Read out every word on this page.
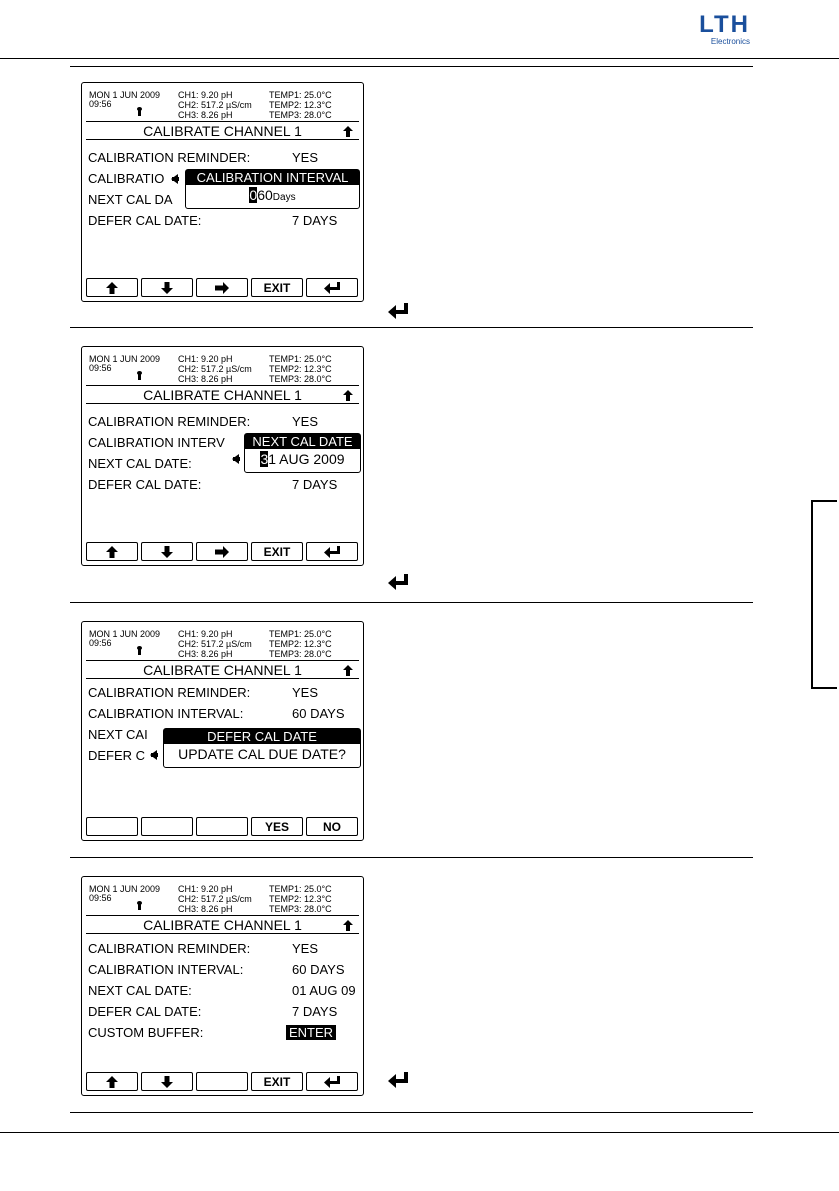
LTH
Electronics
MON 1 JUN 2009
09:56
CH1: 9.20 pH
CH2: 517.2 µS/cm
CH3: 8.26 pH
TEMP1: 25.0°C
TEMP2: 12.3°C
TEMP3: 28.0°C
CALIBRATE CHANNEL 1
CALIBRATION REMINDER:	YES
CALIBRATIO
NEXT CAL DA
DEFER CAL DATE:	7 DAYS
CALIBRATION INTERVAL
060Days
EXIT
MON 1 JUN 2009
09:56
CH1: 9.20 pH
CH2: 517.2 µS/cm
CH3: 8.26 pH
TEMP1: 25.0°C
TEMP2: 12.3°C
TEMP3: 28.0°C
CALIBRATE CHANNEL 1
CALIBRATION REMINDER:	YES
CALIBRATION INTERV
NEXT CAL DATE:
DEFER CAL DATE:	7 DAYS
NEXT CAL DATE
31 AUG 2009
EXIT
MON 1 JUN 2009
09:56
CH1: 9.20 pH
CH2: 517.2 µS/cm
CH3: 8.26 pH
TEMP1: 25.0°C
TEMP2: 12.3°C
TEMP3: 28.0°C
CALIBRATE CHANNEL 1
CALIBRATION REMINDER:	YES
CALIBRATION INTERVAL:	60 DAYS
NEXT CAI
DEFER C
DEFER CAL DATE
UPDATE CAL DUE DATE?
YES	NO
MON 1 JUN 2009
09:56
CH1: 9.20 pH
CH2: 517.2 µS/cm
CH3: 8.26 pH
TEMP1: 25.0°C
TEMP2: 12.3°C
TEMP3: 28.0°C
CALIBRATE CHANNEL 1
CALIBRATION REMINDER:	YES
CALIBRATION INTERVAL:	60 DAYS
NEXT CAL DATE:	01 AUG 09
DEFER CAL DATE:	7 DAYS
CUSTOM BUFFER:	ENTER
EXIT
